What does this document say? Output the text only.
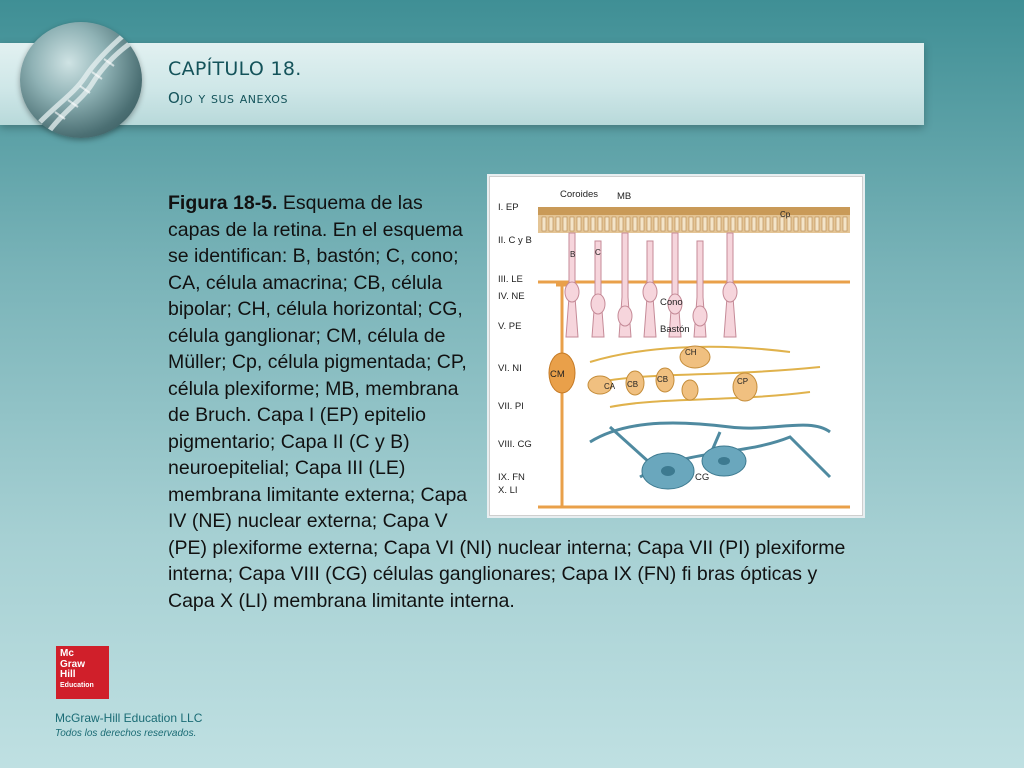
CAPÍTULO 18.
Ojo y sus anexos
I. EP
II. C y B
III. LE
IV. NE
V. PE
VI. NI
VII. PI
VIII. CG
IX. FN
X. LI
Coroides MB
Cp
B C
Cono
Bastón
CH
CM
CA CB
CB	CP
CG
Figura 18-5. Esquema de las capas de la retina. En el esquema se identifican: B, bastón; C, cono; CA, célula amacrina; CB, célula bipolar; CH, célula horizontal; CG, célula ganglionar; CM, célula de Müller; Cp, célula pigmentada; CP, célula plexiforme; MB, membrana de Bruch. Capa I (EP) epitelio pigmentario; Capa II (C y B) neuroepitelial; Capa III (LE) membrana limitante externa; Capa IV (NE) nuclear externa; Capa V (PE) plexiforme externa; Capa VI (NI) nuclear interna; Capa VII (PI) plexiforme interna; Capa VIII (CG) células ganglionares; Capa IX (FN) fi bras ópticas y Capa X (LI) membrana limitante interna.
Mc
Graw
Hill
Education
McGraw-Hill Education LLC
Todos los derechos reservados.
